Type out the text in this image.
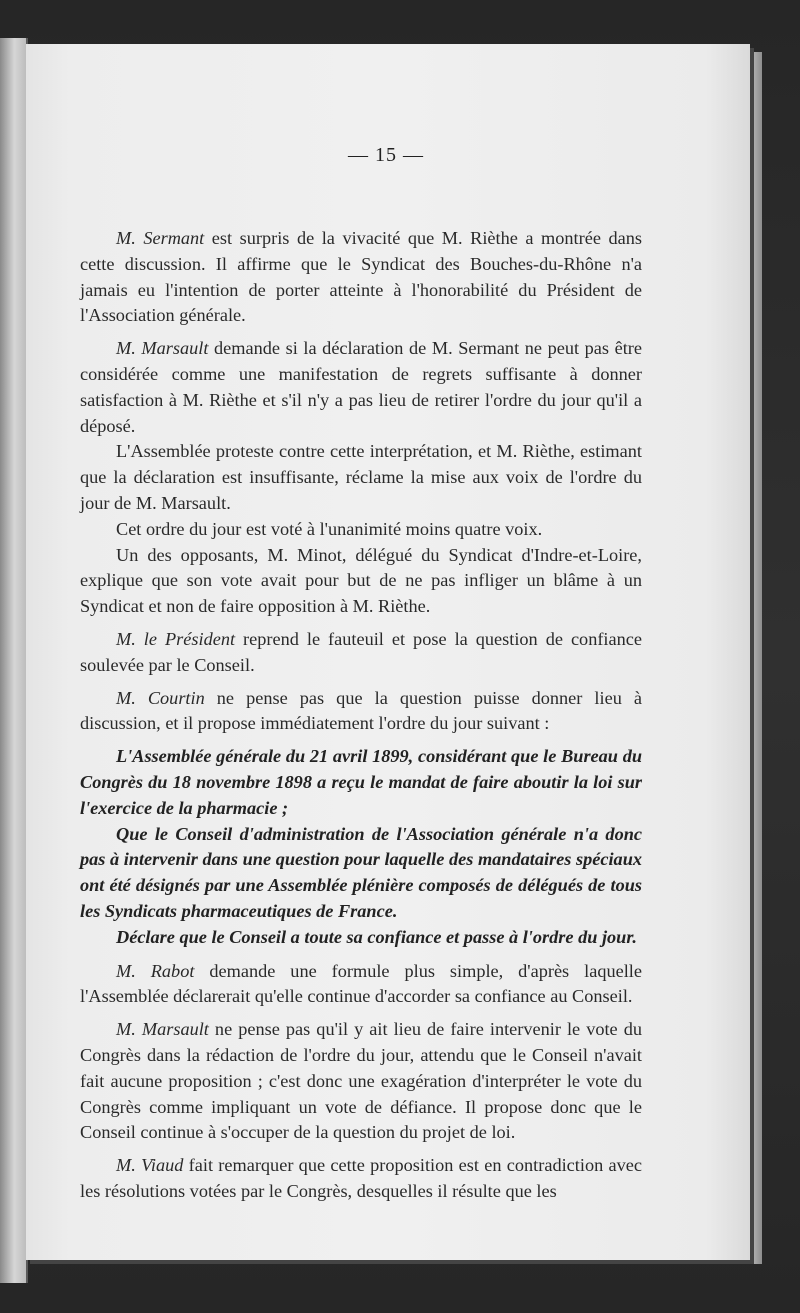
— 15 —

M. Sermant est surpris de la vivacité que M. Rièthe a montrée dans cette discussion. Il affirme que le Syndicat des Bouches-du-Rhône n'a jamais eu l'intention de porter atteinte à l'honorabilité du Président de l'Association générale.

M. Marsault demande si la déclaration de M. Sermant ne peut pas être considérée comme une manifestation de regrets suffisante à donner satisfaction à M. Rièthe et s'il n'y a pas lieu de retirer l'ordre du jour qu'il a déposé.

L'Assemblée proteste contre cette interprétation, et M. Rièthe, estimant que la déclaration est insuffisante, réclame la mise aux voix de l'ordre du jour de M. Marsault.

Cet ordre du jour est voté à l'unanimité moins quatre voix.

Un des opposants, M. Minot, délégué du Syndicat d'Indre-et-Loire, explique que son vote avait pour but de ne pas infliger un blâme à un Syndicat et non de faire opposition à M. Rièthe.

M. le Président reprend le fauteuil et pose la question de confiance soulevée par le Conseil.

M. Courtin ne pense pas que la question puisse donner lieu à discussion, et il propose immédiatement l'ordre du jour suivant :

L'Assemblée générale du 21 avril 1899, considérant que le Bureau du Congrès du 18 novembre 1898 a reçu le mandat de faire aboutir la loi sur l'exercice de la pharmacie ;

Que le Conseil d'administration de l'Association générale n'a donc pas à intervenir dans une question pour laquelle des mandataires spéciaux ont été désignés par une Assemblée plénière composés de délégués de tous les Syndicats pharmaceutiques de France.

Déclare que le Conseil a toute sa confiance et passe à l'ordre du jour.

M. Rabot demande une formule plus simple, d'après laquelle l'Assemblée déclarerait qu'elle continue d'accorder sa confiance au Conseil.

M. Marsault ne pense pas qu'il y ait lieu de faire intervenir le vote du Congrès dans la rédaction de l'ordre du jour, attendu que le Conseil n'avait fait aucune proposition ; c'est donc une exagération d'interpréter le vote du Congrès comme impliquant un vote de défiance. Il propose donc que le Conseil continue à s'occuper de la question du projet de loi.

M. Viaud fait remarquer que cette proposition est en contradiction avec les résolutions votées par le Congrès, desquelles il résulte que les
